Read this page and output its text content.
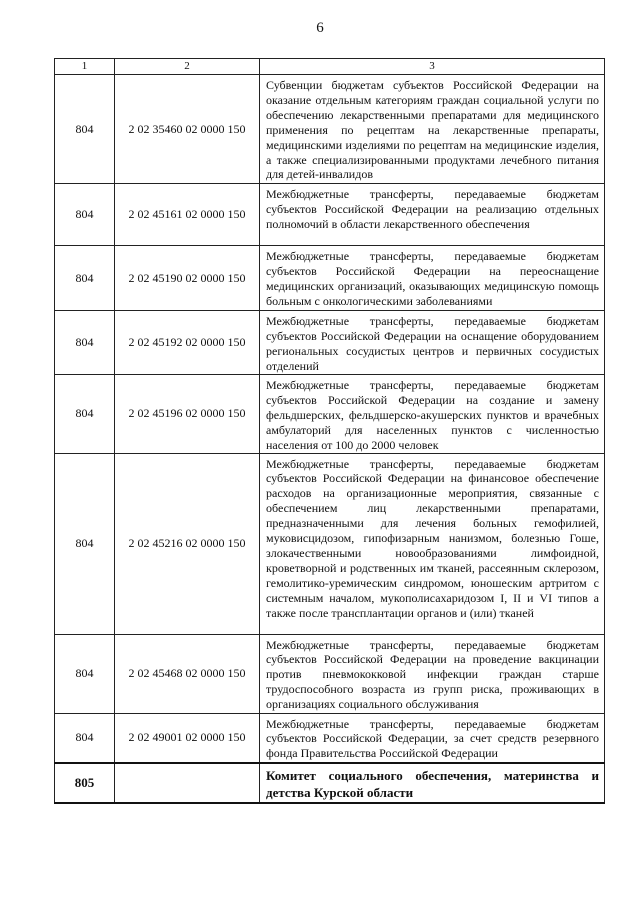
6
1	2	3
804	2 02 35460 02 0000 150	Субвенции бюджетам субъектов Российской Федерации на оказание отдельным категориям граждан социальной услуги по обеспечению лекарственными препаратами для медицинского применения по рецептам на лекарственные препараты, медицинскими изделиями по рецептам на медицинские изделия, а также специализированными продуктами лечебного питания для детей-инвалидов
804	2 02 45161 02 0000 150	Межбюджетные трансферты, передаваемые бюджетам субъектов Российской Федерации на реализацию отдельных полномочий в области лекарственного обеспечения
804	2 02 45190 02 0000 150	Межбюджетные трансферты, передаваемые бюджетам субъектов Российской Федерации на переоснащение медицинских организаций, оказывающих медицинскую помощь больным с онкологическими заболеваниями
804	2 02 45192 02 0000 150	Межбюджетные трансферты, передаваемые бюджетам субъектов Российской Федерации на оснащение оборудованием региональных сосудистых центров и первичных сосудистых отделений
804	2 02 45196 02 0000 150	Межбюджетные трансферты, передаваемые бюджетам субъектов Российской Федерации на создание и замену фельдшерских, фельдшерско-акушерских пунктов и врачебных амбулаторий для населенных пунктов с численностью населения от 100 до 2000 человек
804	2 02 45216 02 0000 150	Межбюджетные трансферты, передаваемые бюджетам субъектов Российской Федерации на финансовое обеспечение расходов на организационные мероприятия, связанные с обеспечением лиц лекарственными препаратами, предназначенными для лечения больных гемофилией, муковисцидозом, гипофизарным нанизмом, болезнью Гоше, злокачественными новообразованиями лимфоидной, кроветворной и родственных им тканей, рассеянным склерозом, гемолитико-уремическим синдромом, юношеским артритом с системным началом, мукополисахаридозом I, II и VI типов а также после трансплантации органов и (или) тканей
804	2 02 45468 02 0000 150	Межбюджетные трансферты, передаваемые бюджетам субъектов Российской Федерации на проведение вакцинации против пневмококковой инфекции граждан старше трудоспособного возраста из групп риска, проживающих в организациях социального обслуживания
804	2 02 49001 02 0000 150	Межбюджетные трансферты, передаваемые бюджетам субъектов Российской Федерации, за счет средств резервного фонда Правительства Российской Федерации
805		Комитет социального обеспечения, материнства и детства Курской области
